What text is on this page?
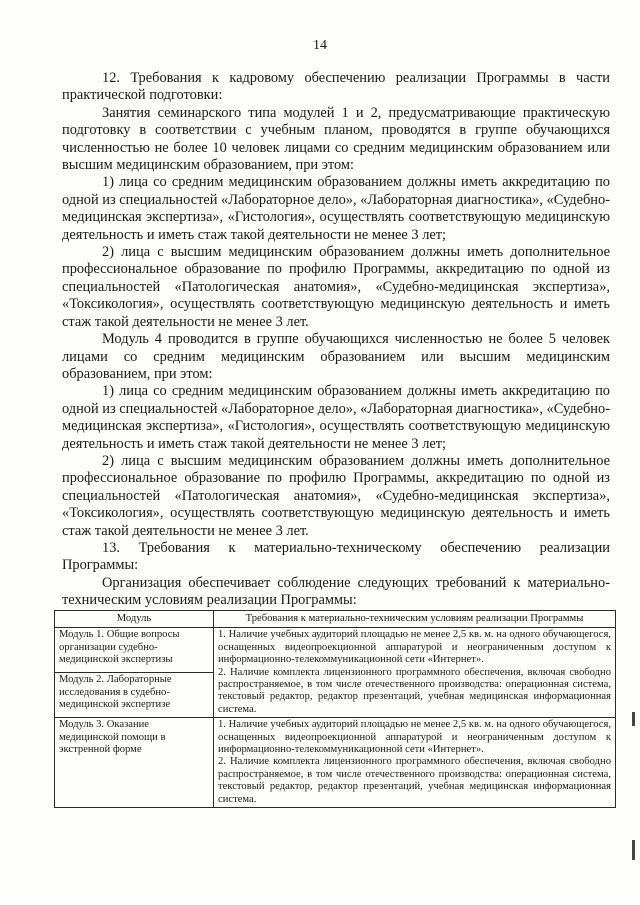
14

12. Требования к кадровому обеспечению реализации Программы в части практической подготовки:

Занятия семинарского типа модулей 1 и 2, предусматривающие практическую подготовку в соответствии с учебным планом, проводятся в группе обучающихся численностью не более 10 человек лицами со средним медицинским образованием или высшим медицинским образованием, при этом:

1) лица со средним медицинским образованием должны иметь аккредитацию по одной из специальностей «Лабораторное дело», «Лабораторная диагностика», «Судебно-медицинская экспертиза», «Гистология», осуществлять соответствующую медицинскую деятельность и иметь стаж такой деятельности не менее 3 лет;

2) лица с высшим медицинским образованием должны иметь дополнительное профессиональное образование по профилю Программы, аккредитацию по одной из специальностей «Патологическая анатомия», «Судебно-медицинская экспертиза», «Токсикология», осуществлять соответствующую медицинскую деятельность и иметь стаж такой деятельности не менее 3 лет.

Модуль 4 проводится в группе обучающихся численностью не более 5 человек лицами со средним медицинским образованием или высшим медицинским образованием, при этом:

1) лица со средним медицинским образованием должны иметь аккредитацию по одной из специальностей «Лабораторное дело», «Лабораторная диагностика», «Судебно-медицинская экспертиза», «Гистология», осуществлять соответствующую медицинскую деятельность и иметь стаж такой деятельности не менее 3 лет;

2) лица с высшим медицинским образованием должны иметь дополнительное профессиональное образование по профилю Программы, аккредитацию по одной из специальностей «Патологическая анатомия», «Судебно-медицинская экспертиза», «Токсикология», осуществлять соответствующую медицинскую деятельность и иметь стаж такой деятельности не менее 3 лет.

13. Требования к материально-техническому обеспечению реализации Программы:

Организация обеспечивает соблюдение следующих требований к материально-техническим условиям реализации Программы:

Модуль	Требования к материально-техническим условиям реализации Программы
Модуль 1. Общие вопросы организации судебно-медицинской экспертизы	1. Наличие учебных аудиторий площадью не менее 2,5 кв. м. на одного обучающегося, оснащенных видеопроекционной аппаратурой и неограниченным доступом к информационно-телекоммуникационной сети «Интернет».

2. Наличие комплекта лицензионного программного обеспечения, включая свободно распространяемое, в том числе отечественного производства: операционная система, текстовый редактор, редактор презентаций, учебная медицинская информационная система.

Модуль 2. Лабораторные исследования в судебно-медицинской экспертизе	
Модуль 3. Оказание медицинской помощи в экстренной форме	1. Наличие учебных аудиторий площадью не менее 2,5 кв. м. на одного обучающегося, оснащенных видеопроекционной аппаратурой и неограниченным доступом к информационно-телекоммуникационной сети «Интернет».

2. Наличие комплекта лицензионного программного обеспечения, включая свободно распространяемое, в том числе отечественного производства: операционная система, текстовый редактор, редактор презентаций, учебная медицинская информационная система.
